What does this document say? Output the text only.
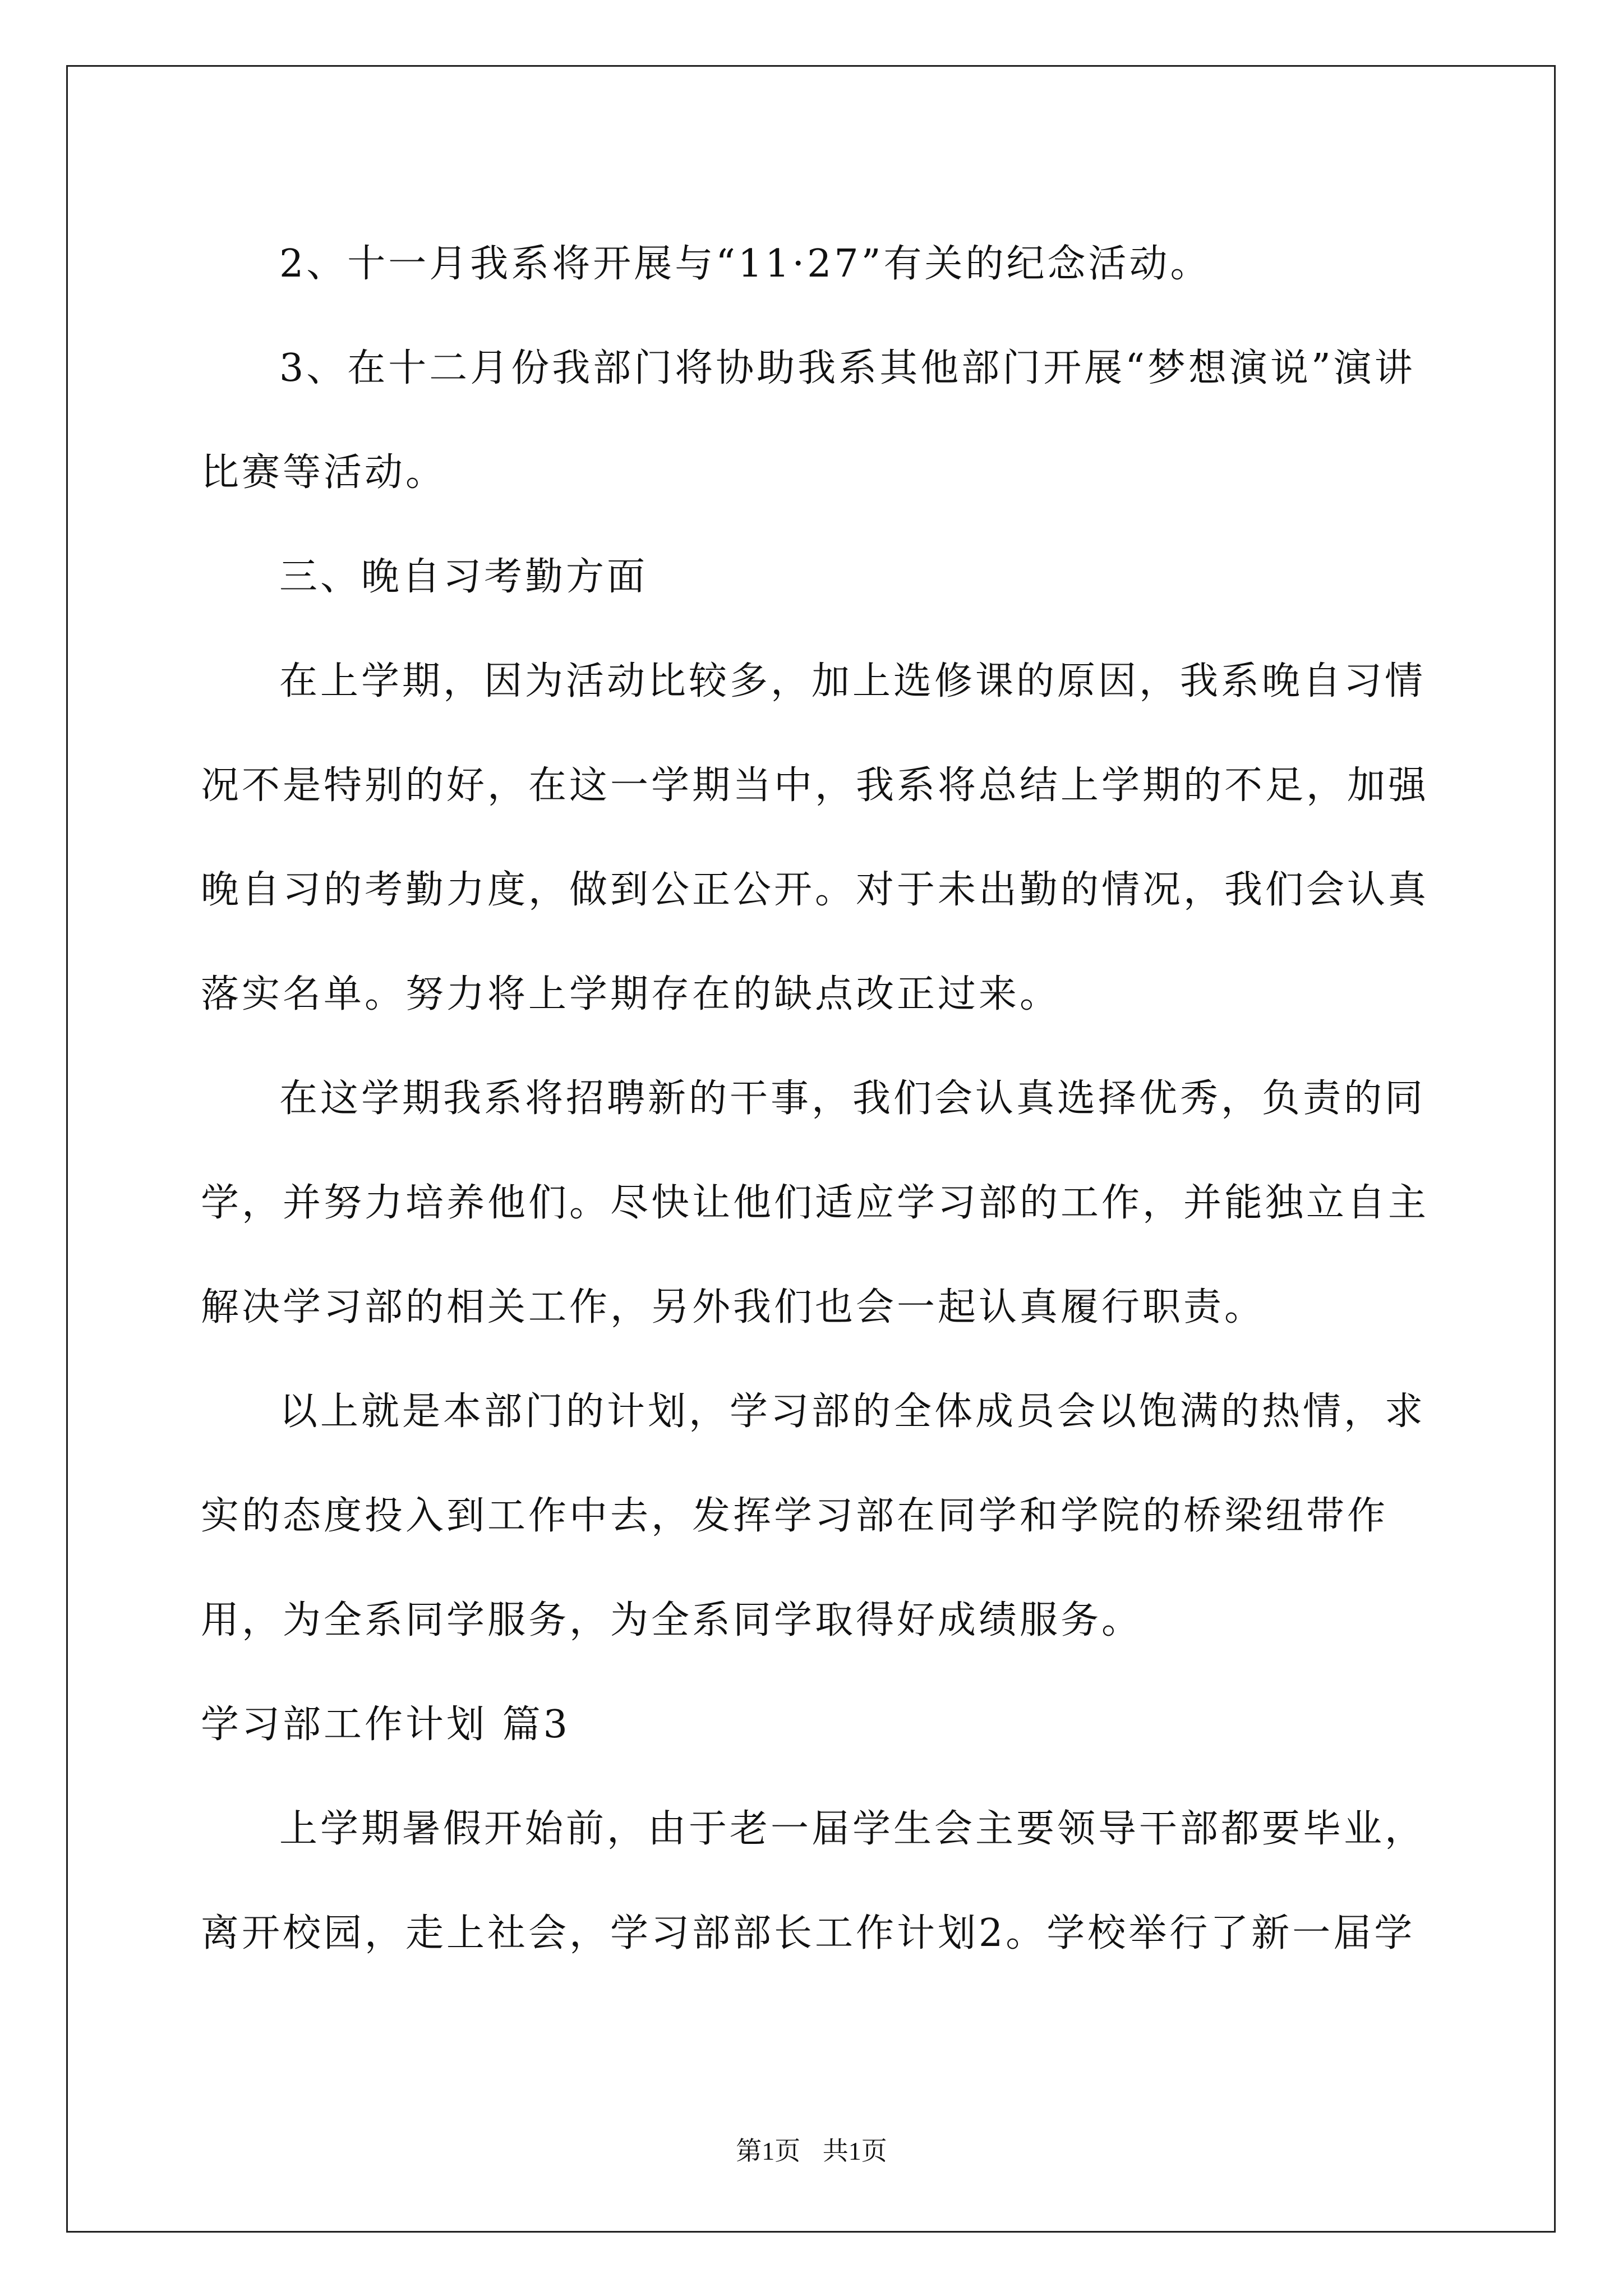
2、十一月我系将开展与“11·27”有关的纪念活动。

3、在十二月份我部门将协助我系其他部门开展“梦想演说”演讲比赛等活动。

三、晚自习考勤方面

在上学期，因为活动比较多，加上选修课的原因，我系晚自习情况不是特别的好，在这一学期当中，我系将总结上学期的不足，加强晚自习的考勤力度，做到公正公开。对于未出勤的情况，我们会认真落实名单。努力将上学期存在的缺点改正过来。

在这学期我系将招聘新的干事，我们会认真选择优秀，负责的同学，并努力培养他们。尽快让他们适应学习部的工作，并能独立自主解决学习部的相关工作，另外我们也会一起认真履行职责。

以上就是本部门的计划，学习部的全体成员会以饱满的热情，求实的态度投入到工作中去，发挥学习部在同学和学院的桥梁纽带作用，为全系同学服务，为全系同学取得好成绩服务。

学习部工作计划 篇3

上学期暑假开始前，由于老一届学生会主要领导干部都要毕业，离开校园，走上社会，学习部部长工作计划2。学校举行了新一届学

第1页 共1页
